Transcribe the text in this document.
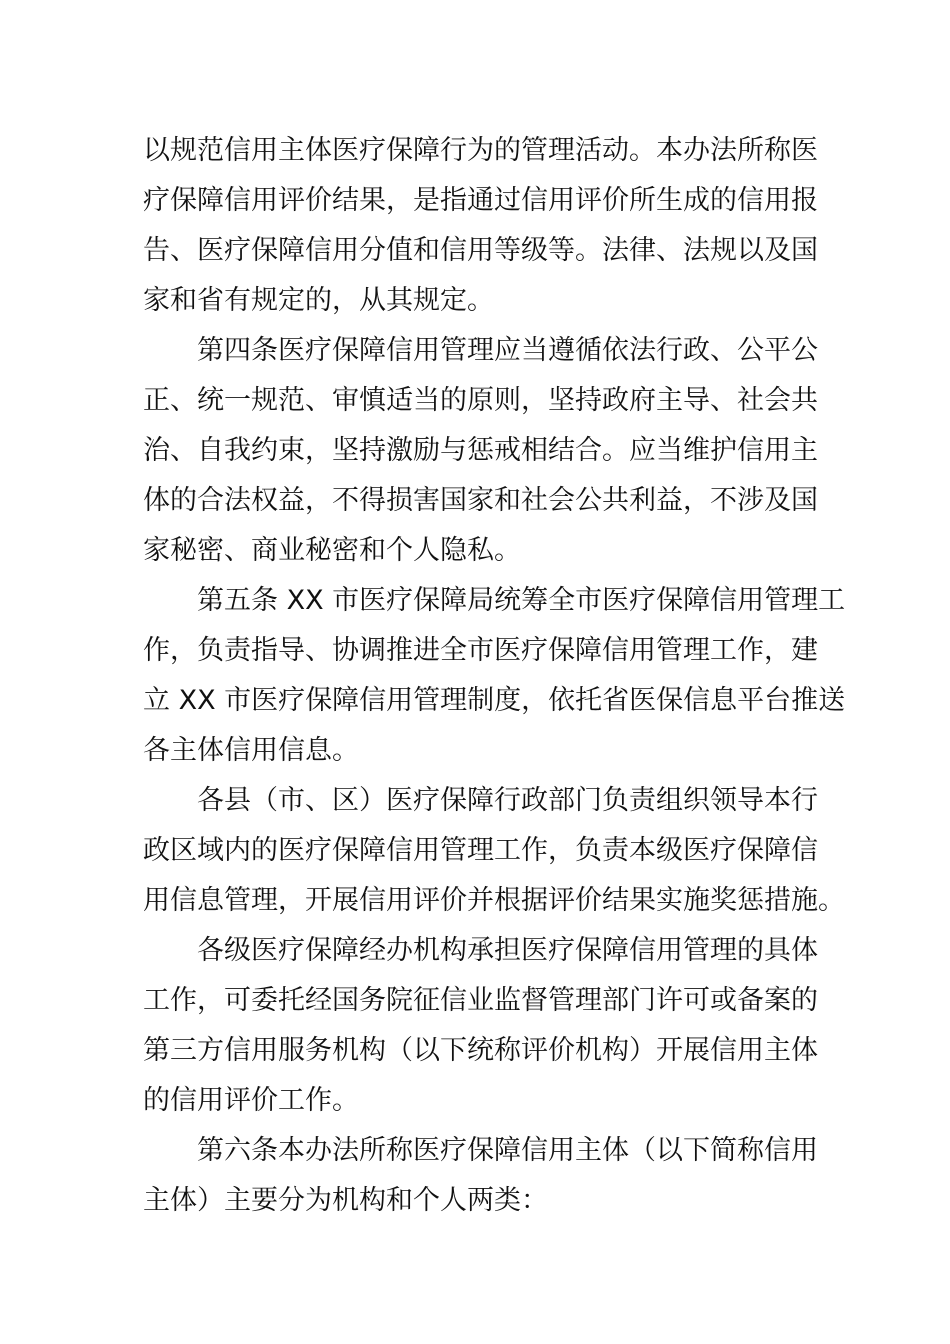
以规范信用主体医疗保障行为的管理活动。本办法所称医
疗保障信用评价结果，是指通过信用评价所生成的信用报
告、医疗保障信用分值和信用等级等。法律、法规以及国
家和省有规定的，从其规定。
第四条医疗保障信用管理应当遵循依法行政、公平公
正、统一规范、审慎适当的原则，坚持政府主导、社会共
治、自我约束，坚持激励与惩戒相结合。应当维护信用主
体的合法权益，不得损害国家和社会公共利益，不涉及国
家秘密、商业秘密和个人隐私。
第五条 XX 市医疗保障局统筹全市医疗保障信用管理工
作，负责指导、协调推进全市医疗保障信用管理工作，建
立 XX 市医疗保障信用管理制度，依托省医保信息平台推送
各主体信用信息。
各县（市、区）医疗保障行政部门负责组织领导本行
政区域内的医疗保障信用管理工作，负责本级医疗保障信
用信息管理，开展信用评价并根据评价结果实施奖惩措施。
各级医疗保障经办机构承担医疗保障信用管理的具体
工作，可委托经国务院征信业监督管理部门许可或备案的
第三方信用服务机构（以下统称评价机构）开展信用主体
的信用评价工作。
第六条本办法所称医疗保障信用主体（以下简称信用
主体）主要分为机构和个人两类：
